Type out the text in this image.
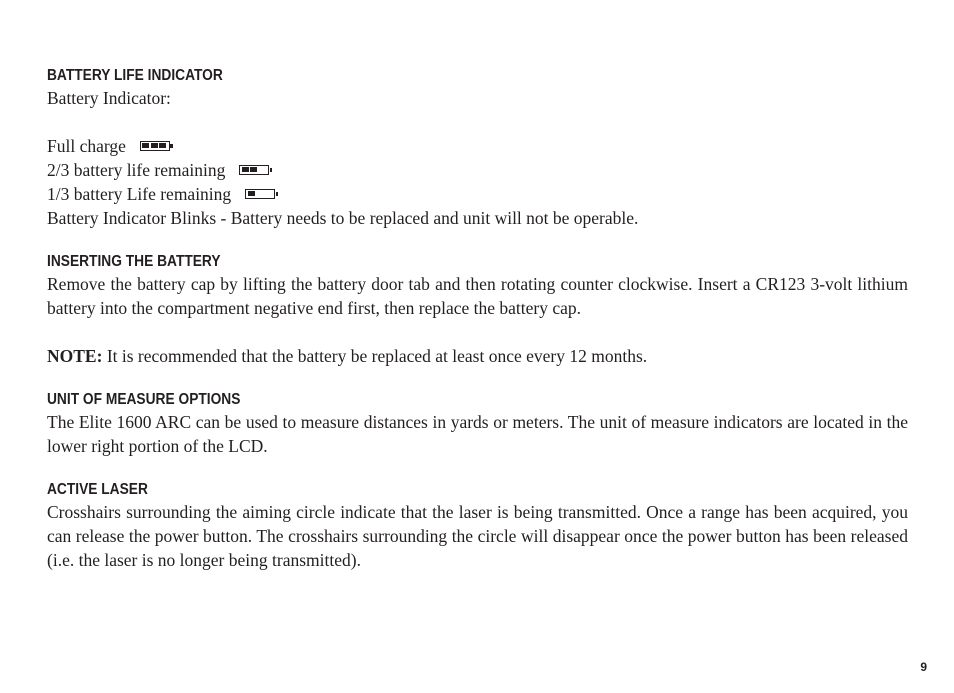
BATTERY LIFE INDICATOR
Battery Indicator:
Full charge
2/3 battery life remaining
1/3 battery Life remaining

Battery Indicator Blinks - Battery needs to be replaced and unit will not be operable.

INSERTING THE BATTERY

Remove the battery cap by lifting the battery door tab and then rotating counter clockwise. Insert a CR123 3-volt lithium battery into the compartment negative end first, then replace the battery cap.

NOTE: It is recommended that the battery be replaced at least once every 12 months.

UNIT OF MEASURE OPTIONS

The Elite 1600 ARC can be used to measure distances in yards or meters. The unit of measure indicators are located in the lower right portion of the LCD.

ACTIVE LASER

Crosshairs surrounding the aiming circle indicate that the laser is being transmitted. Once a range has been acquired, you can release the power button. The crosshairs surrounding the circle will disappear once the power button has been released (i.e. the laser is no longer being transmitted).

9
